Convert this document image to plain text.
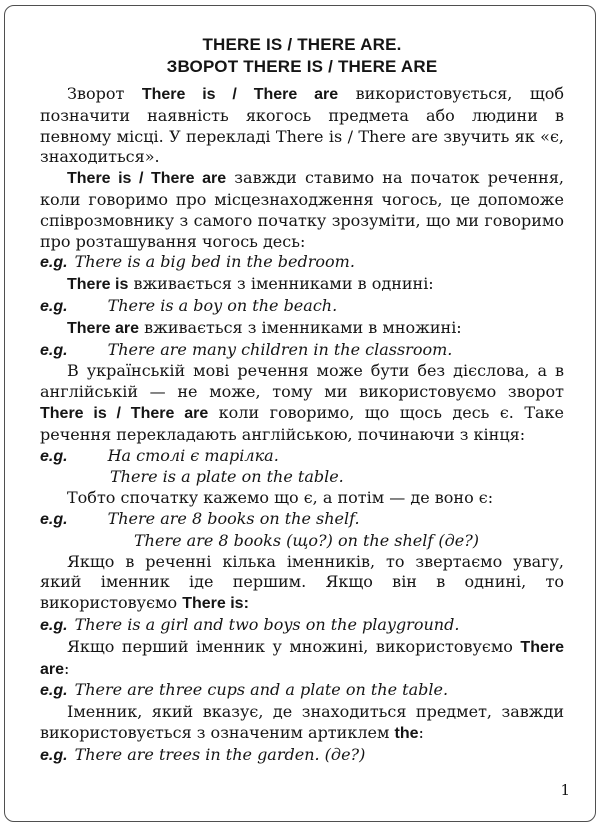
THERE IS / THERE ARE.

ЗВОРОТ THERE IS / THERE ARE

Зворот There is / There are використовується, щоб позначити наявність якогось предмета або людини в певному місці. У перекладі There is / There are звучить як «є, знаходиться».

There is / There are завжди ставимо на початок речення, коли говоримо про місцезнаходження чогось, це допоможе співрозмовнику з самого початку зрозуміти, що ми говоримо про розташування чогось десь:

e.g. There is a big bed in the bedroom.

There is вживається з іменниками в однині:

e.g.	There is a boy on the beach.

There are вживається з іменниками в множині:

e.g.	There are many children in the classroom.

В українській мові речення може бути без дієслова, а в англійській — не може, тому ми використовуємо зворот There is / There are коли говоримо, що щось десь є. Таке речення перекладають англійською, починаючи з кінця:

e.g.	На столі є тарілка.

There is a plate on the table.

Тобто спочатку кажемо що є, а потім — де воно є:

e.g.	There are 8 books on the shelf.

There are 8 books (що?) on the shelf (де?)

Якщо в реченні кілька іменників, то звертаємо увагу, який іменник іде першим. Якщо він в однині, то використовуємо There is:

e.g. There is a girl and two boys on the playground.

Якщо перший іменник у множині, використовуємо There are:

e.g. There are three cups and a plate on the table.

Іменник, який вказує, де знаходиться предмет, завжди використовується з означеним артиклем the:

e.g. There are trees in the garden. (де?)

1
